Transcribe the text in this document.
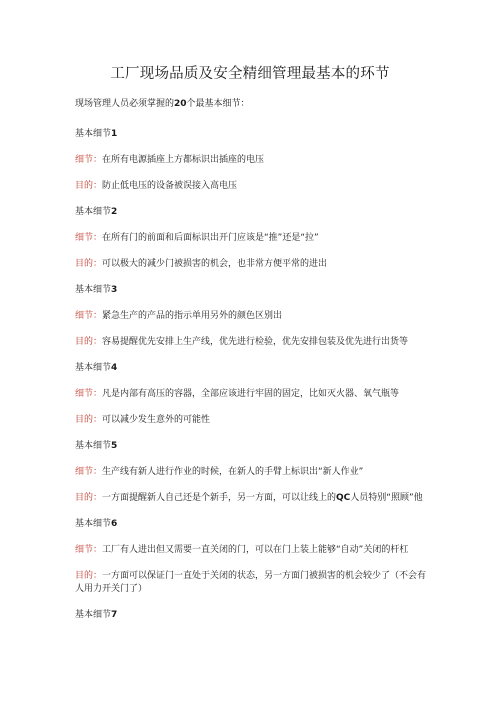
工厂现场品质及安全精细管理最基本的环节

现场管理人员必须掌握的20个最基本细节：

基本细节1

细节：在所有电源插座上方都标识出插座的电压

目的：防止低电压的设备被误接入高电压

基本细节2

细节：在所有门的前面和后面标识出开门应该是“推”还是“拉”

目的：可以极大的减少门被损害的机会，也非常方便平常的进出

基本细节3

细节：紧急生产的产品的指示单用另外的颜色区别出

目的：容易提醒优先安排上生产线，优先进行检验，优先安排包装及优先进行出货等

基本细节4

细节：凡是内部有高压的容器，全部应该进行牢固的固定，比如灭火器、氧气瓶等

目的：可以减少发生意外的可能性

基本细节5

细节：生产线有新人进行作业的时候，在新人的手臂上标识出“新人作业”

目的：一方面提醒新人自己还是个新手，另一方面，可以让线上的QC人员特别“照顾”他

基本细节6

细节：工厂有人进出但又需要一直关闭的门，可以在门上装上能够“自动”关闭的杆杠

目的：一方面可以保证门一直处于关闭的状态，另一方面门被损害的机会较少了（不会有人用力开关门了）

基本细节7
